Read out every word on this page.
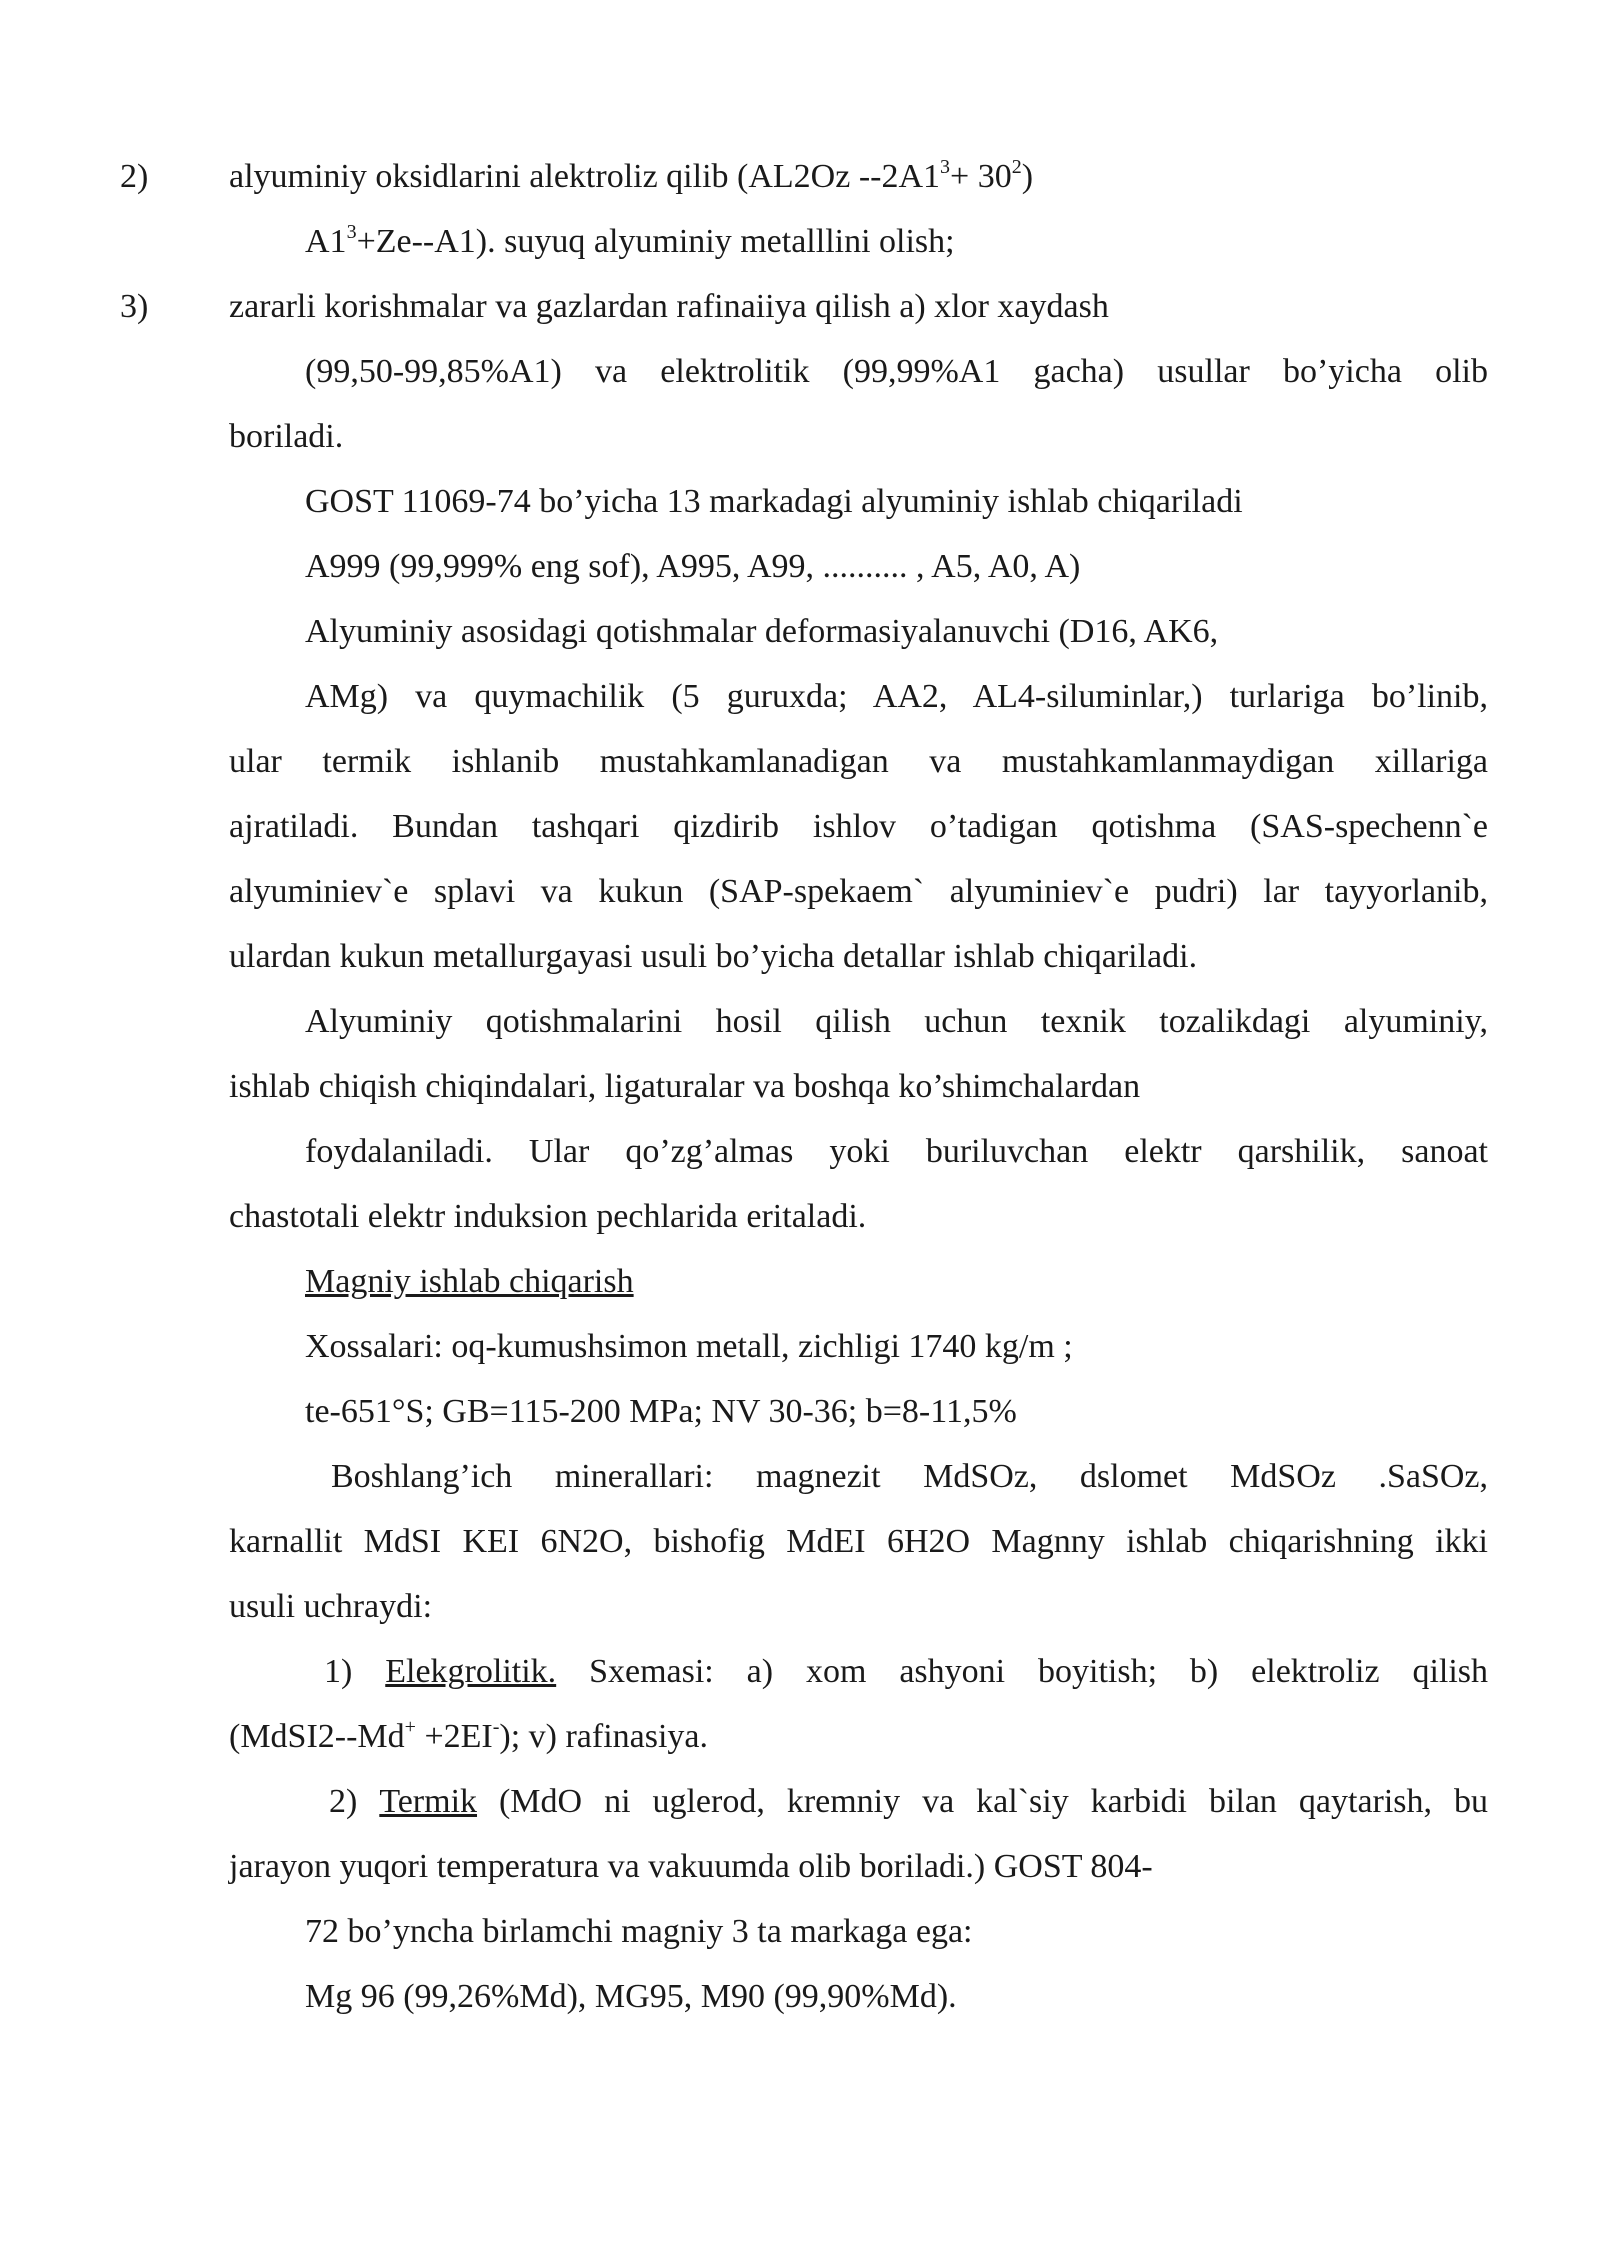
2) alyuminiy oksidlarini alektroliz qilib (AL2Oz $--2A1^3+ 30^2$)
$A1^3+Ze--A1$). suyuq alyuminiy metalllini olish;
3) zararli korishmalar va gazlardan rafinaiiya qilish a) xlor xaydash
(99,50-99,85%A1) va elektrolitik (99,99%A1 gacha) usullar bo’yicha olib
boriladi.
GOST 11069-74 bo’yicha 13 markadagi alyuminiy ishlab chiqariladi
A999 (99,999% eng sof), A995, A99, .......... , A5, A0, A)
Alyuminiy asosidagi qotishmalar deformasiyalanuvchi (D16, AK6,
AMg) va quymachilik (5 guruxda; AA2, AL4-siluminlar,) turlariga bo’linib,
ular termik ishlanib mustahkamlanadigan va mustahkamlanmaydigan xillariga
ajratiladi. Bundan tashqari qizdirib ishlov o’tadigan qotishma (SAS-spechenn`e
alyuminiev`e splavi va kukun (SAP-spekaem` alyuminiev`e pudri) lar tayyorlanib,
ulardan kukun metallurgayasi usuli bo’yicha detallar ishlab chiqariladi.
Alyuminiy qotishmalarini hosil qilish uchun texnik tozalikdagi alyuminiy,
ishlab chiqish chiqindalari, ligaturalar va boshqa ko’shimchalardan
foydalaniladi. Ular qo’zg’almas yoki buriluvchan elektr qarshilik, sanoat
chastotali elektr induksion pechlarida eritaladi.
Magniy ishlab chiqarish
Xossalari: oq-kumushsimon metall, zichligi 1740 kg/m ;
te-651°S; GB=115-200 MPa; NV 30-36; b=8-11,5%
Boshlang’ich minerallari: magnezit MdSOz, dslomet MdSOz .SaSOz,
karnallit MdSI KEI 6N2O, bishofig MdEI 6H2O Magnny ishlab chiqarishning ikki
usuli uchraydi:
1) Elekgrolitik. Sxemasi: a) xom ashyoni boyitish; b) elektroliz qilish
(MdSI2--Md+ +2EI-); v) rafinasiya.
2) Termik (MdO ni uglerod, kremniy va kal`siy karbidi bilan qaytarish, bu
jarayon yuqori temperatura va vakuumda olib boriladi.) GOST 804-
72 bo’yncha birlamchi magniy 3 ta markaga ega:
Mg 96 (99,26%Md), MG95, M90 (99,90%Md).
